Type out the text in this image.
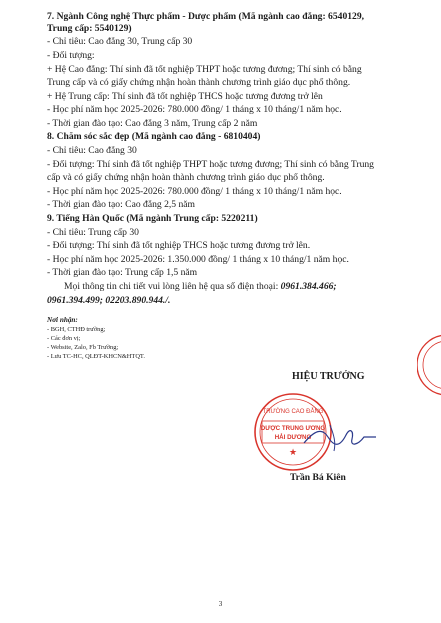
7. Ngành Công nghệ Thực phẩm - Dược phẩm (Mã ngành cao đẳng: 6540129,
Trung cấp: 5540129)
- Chỉ tiêu: Cao đẳng 30, Trung cấp 30
- Đối tượng:
+ Hệ Cao đẳng: Thí sinh đã tốt nghiệp THPT hoặc tương đương; Thí sinh có bằng
Trung cấp và có giấy chứng nhận hoàn thành chương trình giáo dục phổ thông.
+ Hệ Trung cấp: Thí sinh đã tốt nghiệp THCS hoặc tương đương trở lên
- Học phí năm học 2025-2026: 780.000 đồng/ 1 tháng x 10 tháng/1 năm học.
- Thời gian đào tạo: Cao đẳng 3 năm, Trung cấp 2 năm
8. Chăm sóc sắc đẹp (Mã ngành cao đẳng - 6810404)
- Chỉ tiêu: Cao đẳng 30
- Đối tượng: Thí sinh đã tốt nghiệp THPT hoặc tương đương; Thí sinh có bằng Trung
cấp và có giấy chứng nhận hoàn thành chương trình giáo dục phổ thông.
- Học phí năm học 2025-2026: 780.000 đồng/ 1 tháng x 10 tháng/1 năm học.
- Thời gian đào tạo: Cao đẳng 2,5 năm
9. Tiếng Hàn Quốc (Mã ngành Trung cấp: 5220211)
- Chỉ tiêu: Trung cấp 30
- Đối tượng: Thí sinh đã tốt nghiệp THCS hoặc tương đương trở lên.
- Học phí năm học 2025-2026: 1.350.000 đồng/ 1 tháng x 10 tháng/1 năm học.
- Thời gian đào tạo: Trung cấp 1,5 năm
Mọi thông tin chi tiết vui lòng liên hệ qua số điện thoại: 0961.384.466;
0961.394.499; 02203.890.944./.
Nơi nhận:
- BGH, CTHĐ trường;
- Các đơn vị;
- Website, Zalo, Fb Trường;
- Lưu TC-HC, QLĐT-KHCN&HTQT.
HIỆU TRƯỞNG
TRƯỜNG CAO ĐẲNG
DƯỢC TRUNG ƯƠNG
HẢI DƯƠNG
★
Trần Bá Kiên
3
